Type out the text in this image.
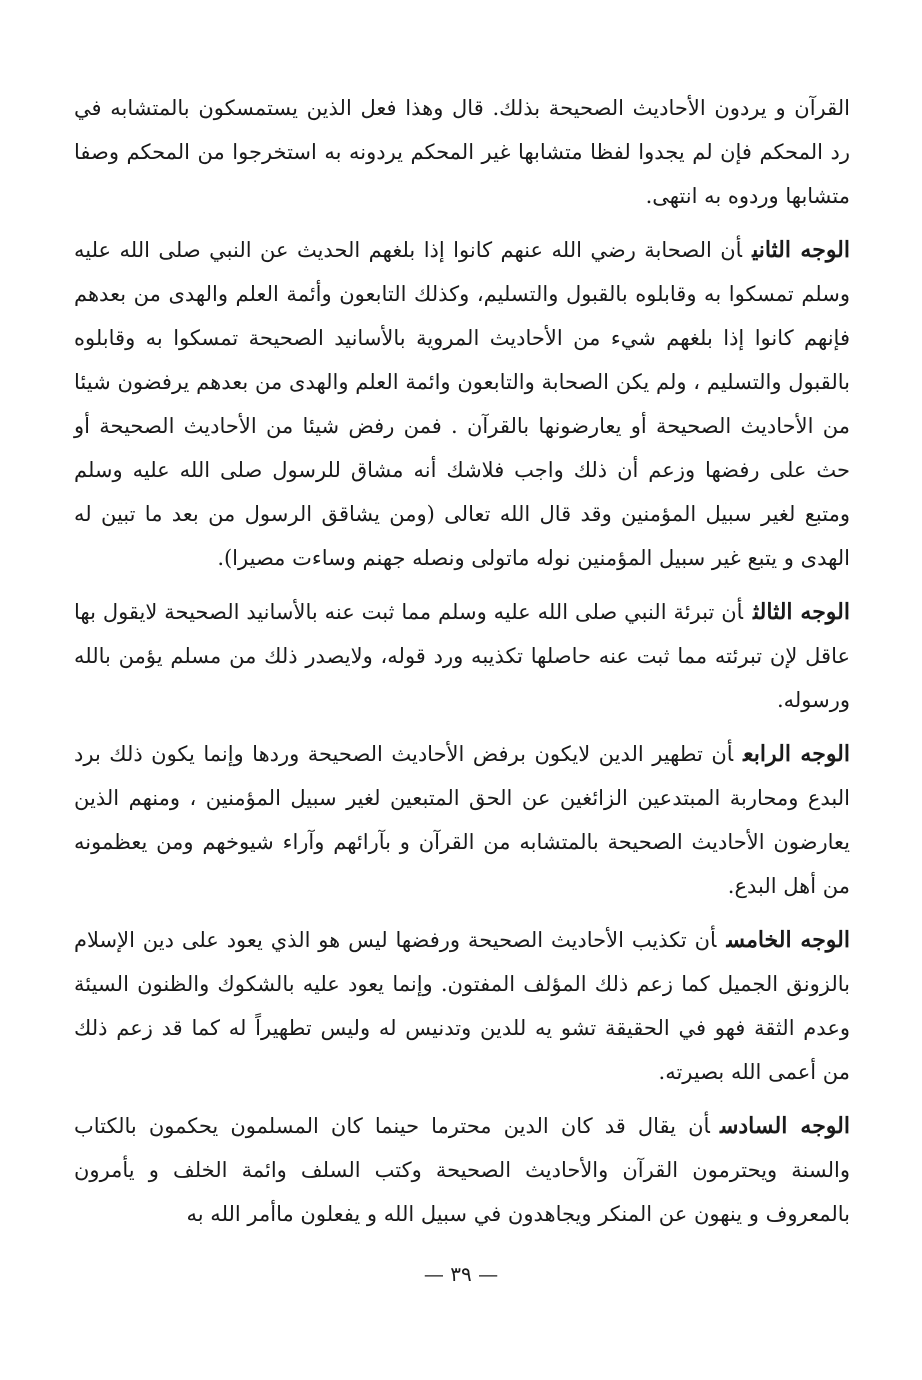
القرآن و يردون الأحاديث الصحيحة بذلك. قال وهذا فعل الذين يستمسكون بالمتشابه في رد المحكم فإن لم يجدوا لفظا متشابها غير المحكم يردونه به استخرجوا من المحكم وصفا متشابها وردوه به انتهى.

الوجه الثانيأن الصحابة رضي الله عنهم كانوا إذا بلغهم الحديث عن النبي صلى الله عليه وسلم تمسكوا به وقابلوه بالقبول والتسليم، وكذلك التابعون وأئمة العلم والهدى من بعدهم فإنهم كانوا إذا بلغهم شيء من الأحاديث المروية بالأسانيد الصحيحة تمسكوا به وقابلوه بالقبول والتسليم ، ولم يكن الصحابة والتابعون وائمة العلم والهدى من بعدهم يرفضون شيئا من الأحاديث الصحيحة أو يعارضونها بالقرآن . فمن رفض شيئا من الأحاديث الصحيحة أو حث على رفضها وزعم أن ذلك واجب فلاشك أنه مشاق للرسول صلى الله عليه وسلم ومتبع لغير سبيل المؤمنين وقد قال الله تعالى (ومن يشاقق الرسول من بعد ما تبين له الهدى و يتبع غير سبيل المؤمنين نوله ماتولى ونصله جهنم وساءت مصيرا).

الوجه الثالثأن تبرئة النبي صلى الله عليه وسلم مما ثبت عنه بالأسانيد الصحيحة لايقول بها عاقل لإن تبرئته مما ثبت عنه حاصلها تكذيبه ورد قوله، ولايصدر ذلك من مسلم يؤمن بالله ورسوله.

الوجه الرابعأن تطهير الدين لايكون برفض الأحاديث الصحيحة وردها وإنما يكون ذلك برد البدع ومحاربة المبتدعين الزائغين عن الحق المتبعين لغير سبيل المؤمنين ، ومنهم الذين يعارضون الأحاديث الصحيحة بالمتشابه من القرآن و بآرائهم وآراء شيوخهم ومن يعظمونه من أهل البدع.

الوجه الخامسأن تكذيب الأحاديث الصحيحة ورفضها ليس هو الذي يعود على دين الإسلام بالزونق الجميل كما زعم ذلك المؤلف المفتون. وإنما يعود عليه بالشكوك والظنون السيئة وعدم الثقة فهو في الحقيقة تشو يه للدين وتدنيس له وليس تطهيراً له كما قد زعم ذلك من أعمى الله بصيرته.

الوجه السادسأن يقال قد كان الدين محترما حينما كان المسلمون يحكمون بالكتاب والسنة ويحترمون القرآن والأحاديث الصحيحة وكتب السلف وائمة الخلف و يأمرون بالمعروف و ينهون عن المنكر ويجاهدون في سبيل الله و يفعلون ماأمر الله به

— ٣٩ —
